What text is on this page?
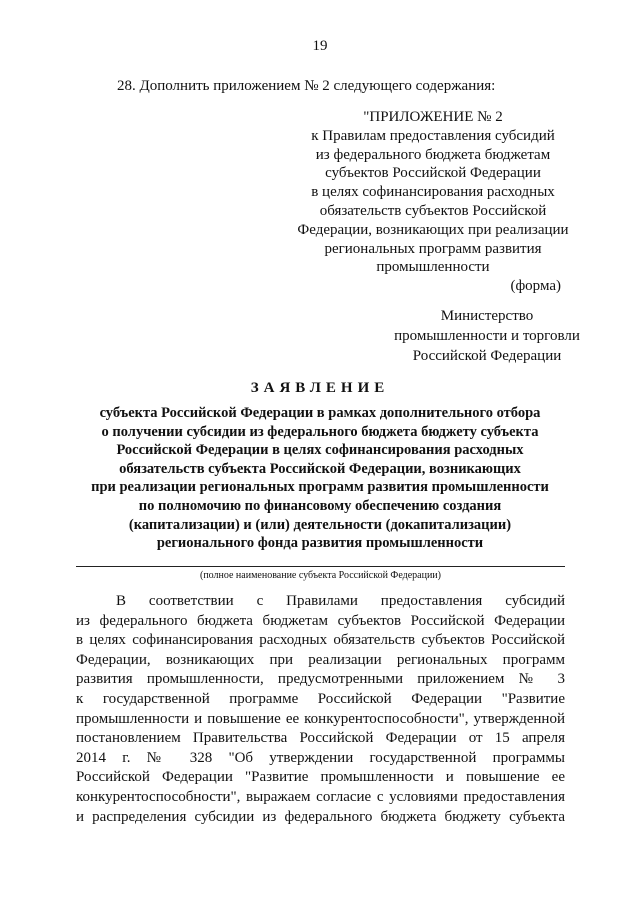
19
28. Дополнить приложением № 2 следующего содержания:
"ПРИЛОЖЕНИЕ № 2
к Правилам предоставления субсидий
из федерального бюджета бюджетам
субъектов Российской Федерации
в целях софинансирования расходных
обязательств субъектов Российской
Федерации, возникающих при реализации
региональных программ развития
промышленности
(форма)
Министерство
промышленности и торговли
Российской Федерации
ЗАЯВЛЕНИЕ
субъекта Российской Федерации в рамках дополнительного отбора
о получении субсидии из федерального бюджета бюджету субъекта
Российской Федерации в целях софинансирования расходных
обязательств субъекта Российской Федерации, возникающих
при реализации региональных программ развития промышленности
по полномочию по финансовому обеспечению создания
(капитализации) и (или) деятельности (докапитализации)
регионального фонда развития промышленности
(полное наименование субъекта Российской Федерации)
В соответствии с Правилами предоставления субсидий
из федерального бюджета бюджетам субъектов Российской Федерации
в целях софинансирования расходных обязательств субъектов Российской
Федерации, возникающих при реализации региональных программ
развития промышленности, предусмотренными приложением № 3
к государственной программе Российской Федерации "Развитие
промышленности и повышение ее конкурентоспособности", утвержденной
постановлением Правительства Российской Федерации от 15 апреля
2014 г. № 328 "Об утверждении государственной программы
Российской Федерации "Развитие промышленности и повышение ее
конкурентоспособности", выражаем согласие с условиями предоставления
и распределения субсидии из федерального бюджета бюджету субъекта
